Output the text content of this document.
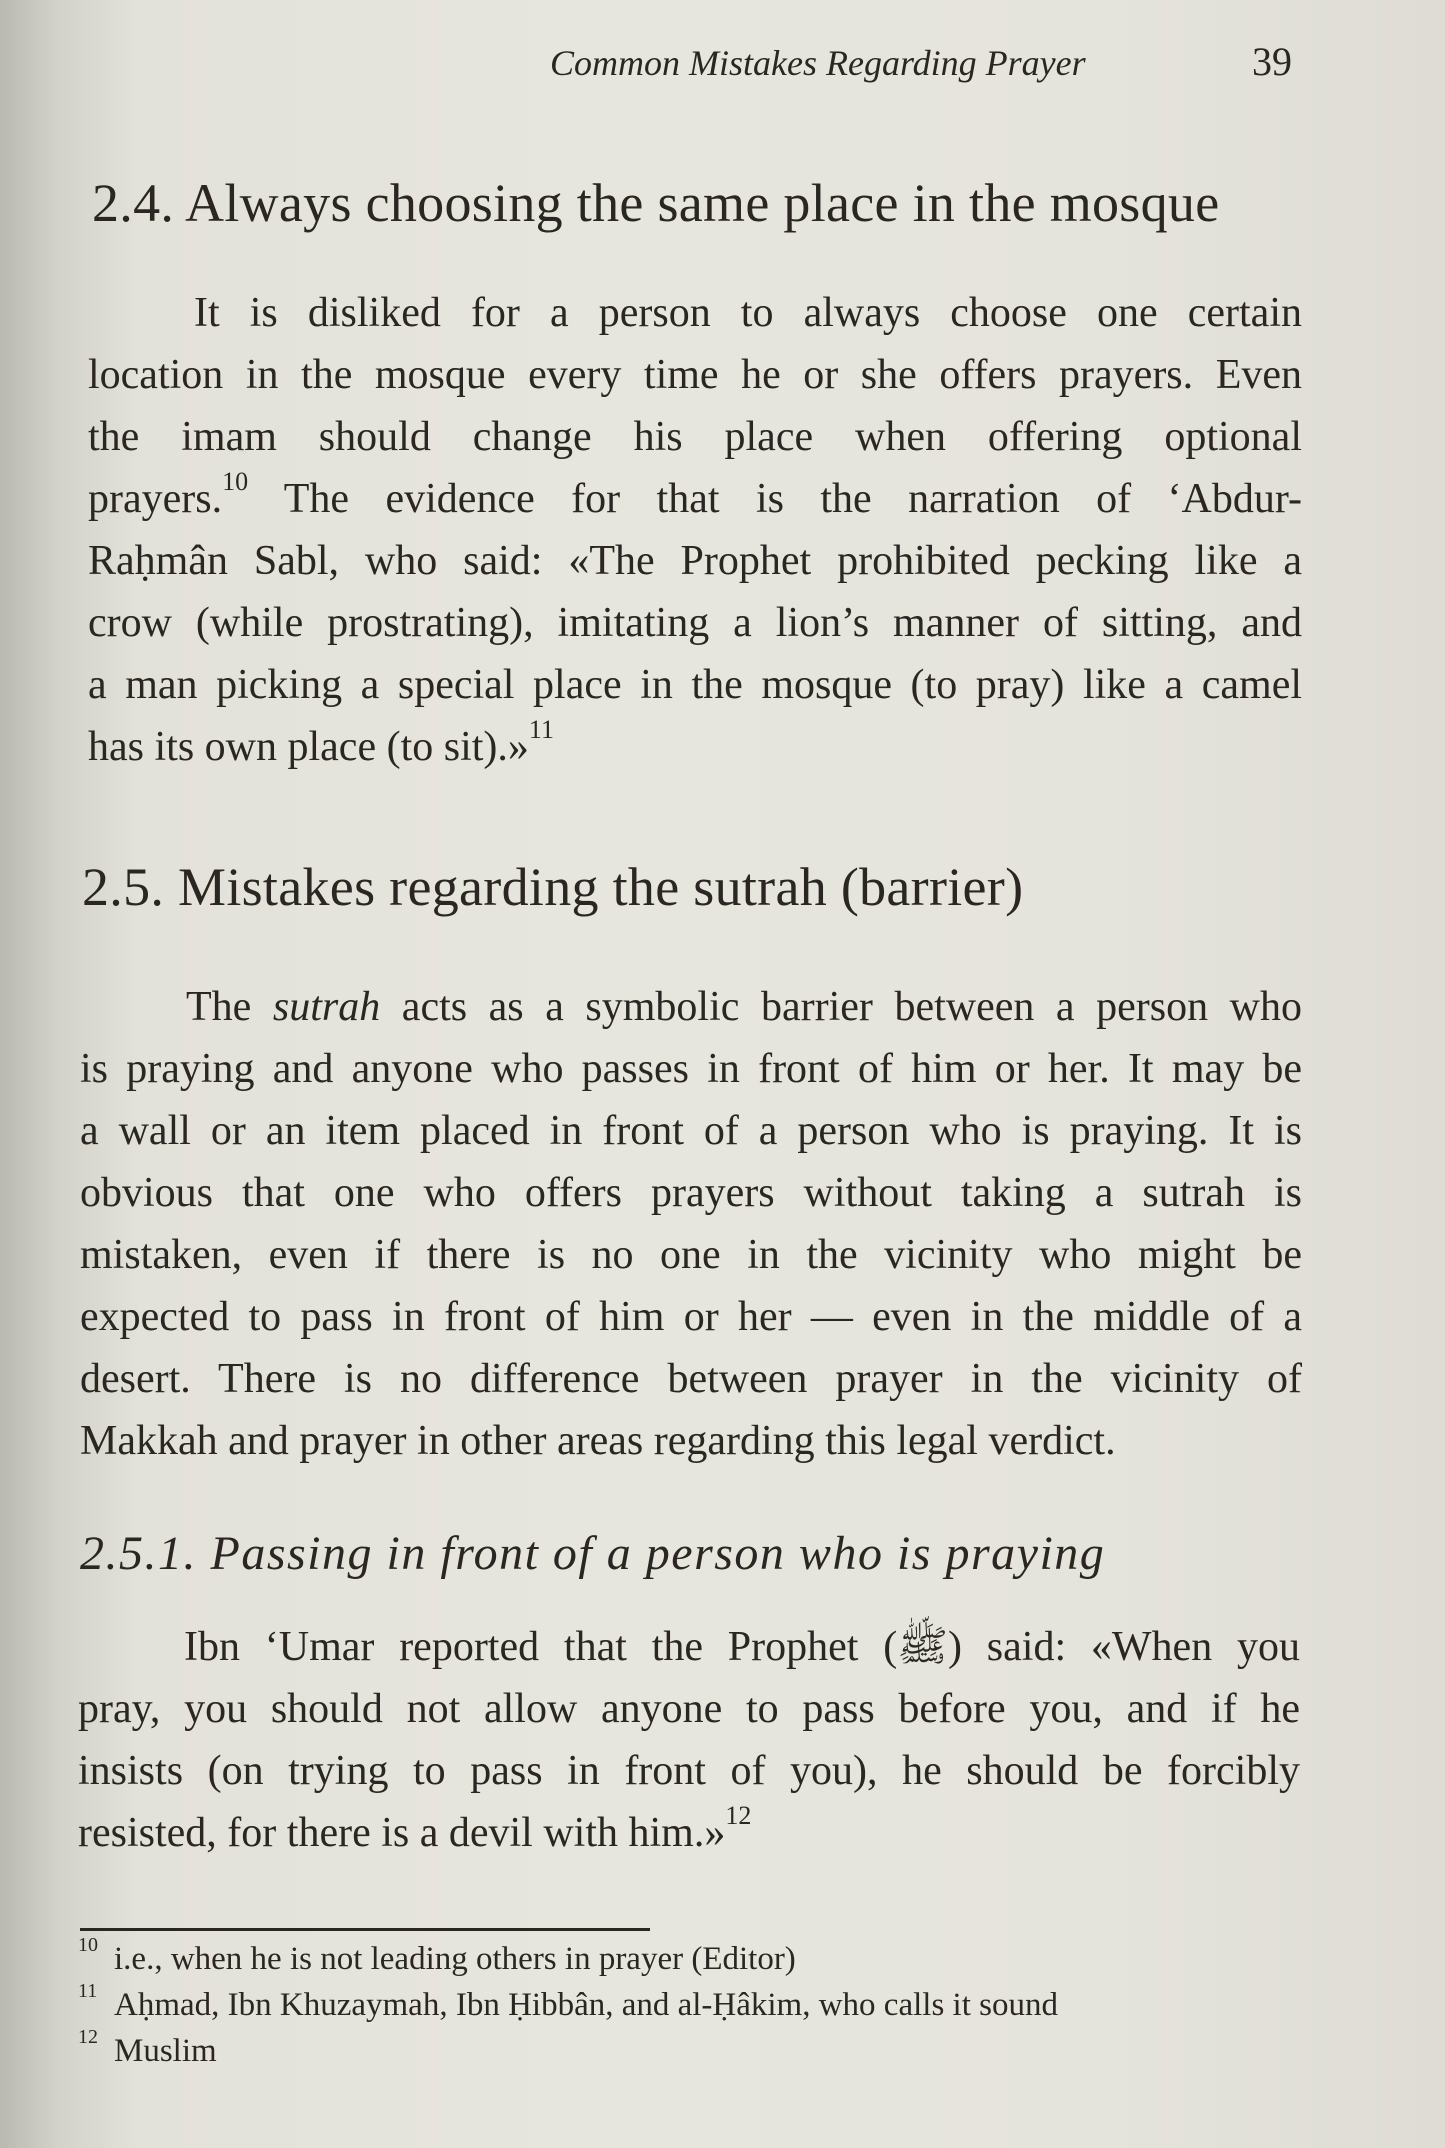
Common Mistakes Regarding Prayer	39
2.4. Always choosing the same place in the mosque

It is disliked for a person to always choose one certain
location in the mosque every time he or she offers prayers. Even
the imam should change his place when offering optional
prayers.$^{10}$ The evidence for that is the narration of ‘Abdur-
Raḥmân Sabl, who said: «The Prophet prohibited pecking like a
crow (while prostrating), imitating a lion’s manner of sitting, and
a man picking a special place in the mosque (to pray) like a camel
has its own place (to sit).»$^{11}$

2.5. Mistakes regarding the sutrah (barrier)

The sutrah acts as a symbolic barrier between a person who
is praying and anyone who passes in front of him or her. It may be
a wall or an item placed in front of a person who is praying. It is
obvious that one who offers prayers without taking a sutrah is
mistaken, even if there is no one in the vicinity who might be
expected to pass in front of him or her — even in the middle of a
desert. There is no difference between prayer in the vicinity of
Makkah and prayer in other areas regarding this legal verdict.

2.5.1. Passing in front of a person who is praying

Ibn ‘Umar reported that the Prophet (ﷺ) said: «When you
pray, you should not allow anyone to pass before you, and if he
insists (on trying to pass in front of you), he should be forcibly
resisted, for there is a devil with him.»$^{12}$

10 i.e., when he is not leading others in prayer (Editor)
11 Aḥmad, Ibn Khuzaymah, Ibn Ḥibbân, and al-Ḥâkim, who calls it sound
12 Muslim
